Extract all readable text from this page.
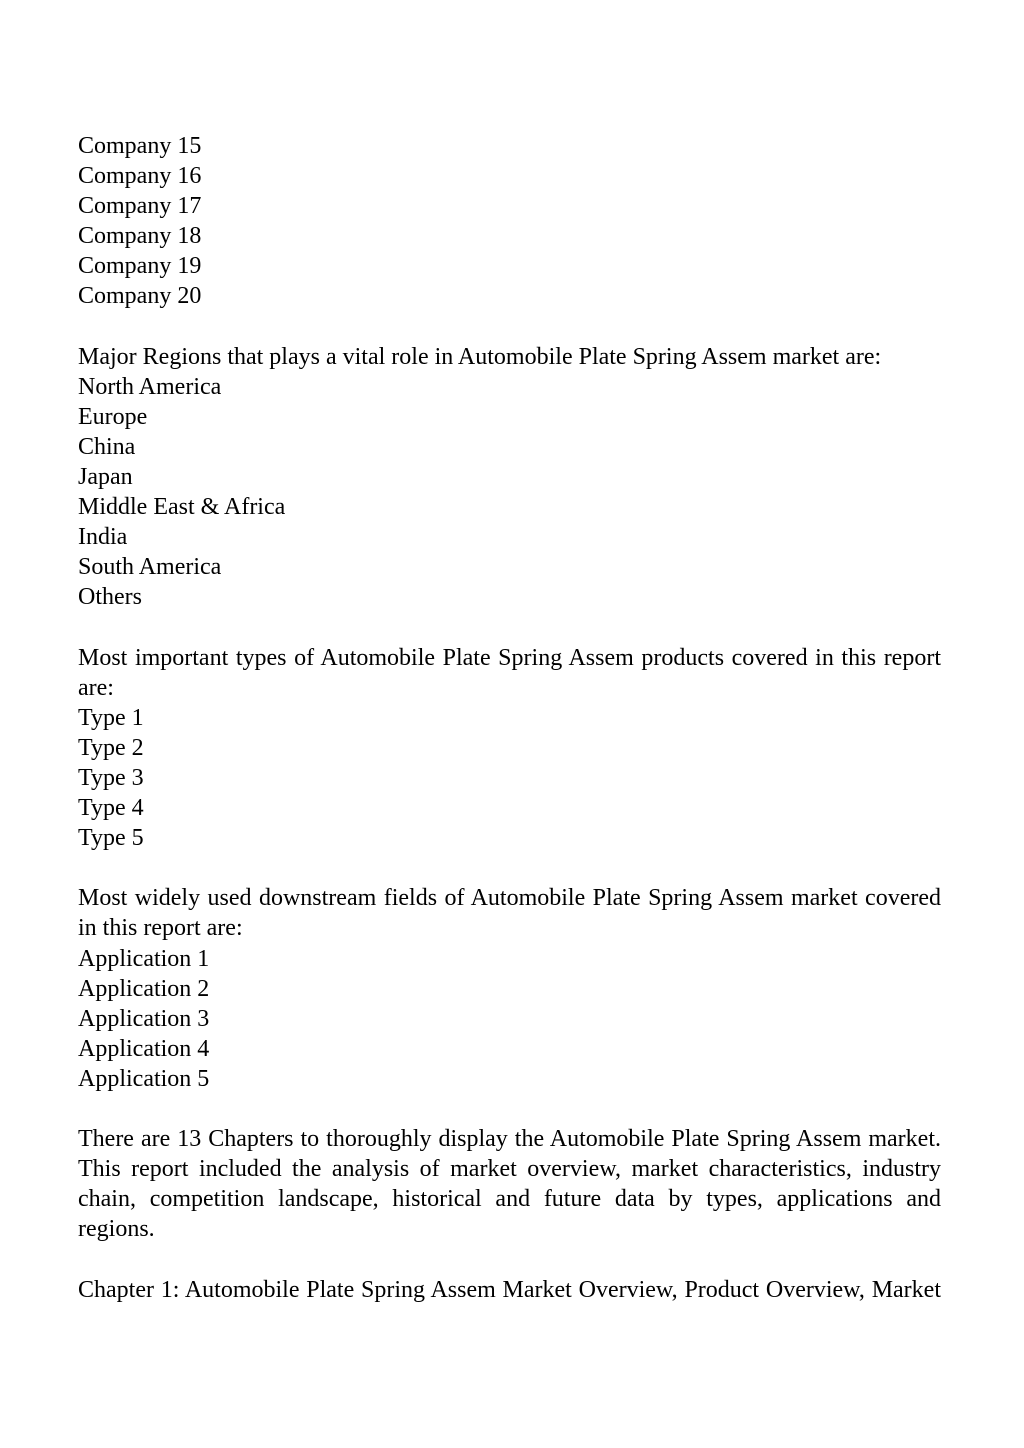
Company 15
Company 16
Company 17
Company 18
Company 19
Company 20

Major Regions that plays a vital role in Automobile Plate Spring Assem market are:

North America
Europe
China
Japan
Middle East & Africa
India
South America
Others

Most important types of Automobile Plate Spring Assem products covered in this report are:

Type 1
Type 2
Type 3
Type 4
Type 5

Most widely used downstream fields of Automobile Plate Spring Assem market covered in this report are:

Application 1
Application 2
Application 3
Application 4
Application 5

There are 13 Chapters to thoroughly display the Automobile Plate Spring Assem market. This report included the analysis of market overview, market characteristics, industry chain, competition landscape, historical and future data by types, applications and regions.

Chapter 1: Automobile Plate Spring Assem Market Overview, Product Overview, Market
